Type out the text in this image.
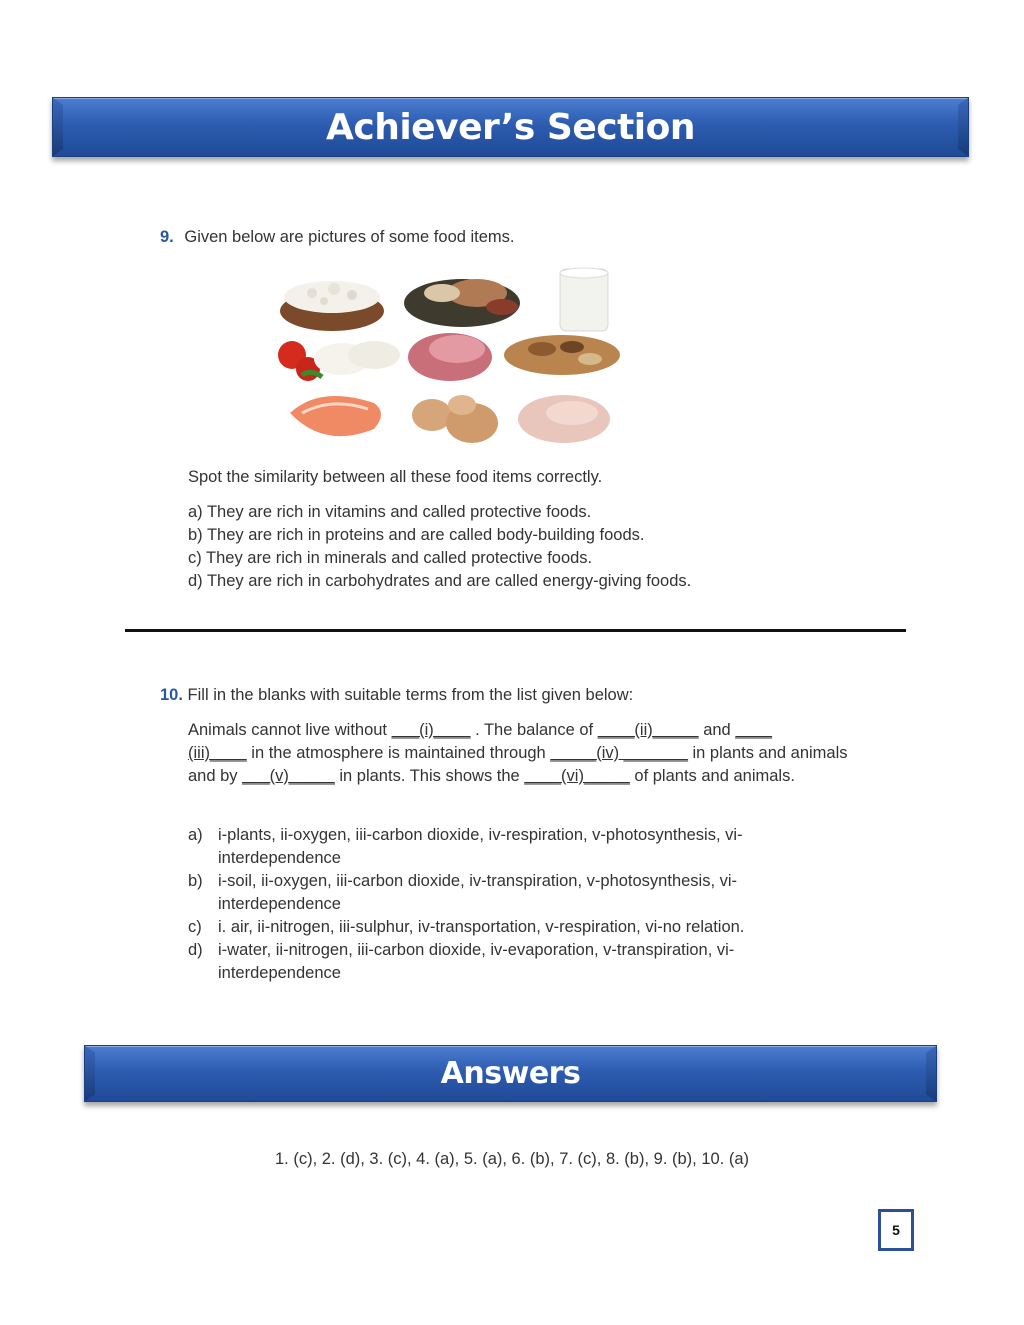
Achiever’s Section
9. Given below are pictures of some food items.
Spot the similarity between all these food items correctly.
a) They are rich in vitamins and called protective foods.
b) They are rich in proteins and are called body-building foods.
c) They are rich in minerals and called protective foods.
d) They are rich in carbohydrates and are called energy-giving foods.
10. Fill in the blanks with suitable terms from the list given below:
Animals cannot live without ___(i)____ . The balance of ____(ii)_____ and ____
(iii)____ in the atmosphere is maintained through _____(iv) _______ in plants and animals and by ___(v)_____ in plants. This shows the ____(vi)_____ of plants and animals.
a) i-plants, ii-oxygen, iii-carbon dioxide, iv-respiration, v-photosynthesis, vi-
interdependence
b) i-soil, ii-oxygen, iii-carbon dioxide, iv-transpiration, v-photosynthesis, vi-
interdependence
c) i. air, ii-nitrogen, iii-sulphur, iv-transportation, v-respiration, vi-no relation.
d) i-water, ii-nitrogen, iii-carbon dioxide, iv-evaporation, v-transpiration, vi-
interdependence
Answers
1. (c), 2. (d), 3. (c), 4. (a), 5. (a), 6. (b), 7. (c), 8. (b), 9. (b), 10. (a)
5
